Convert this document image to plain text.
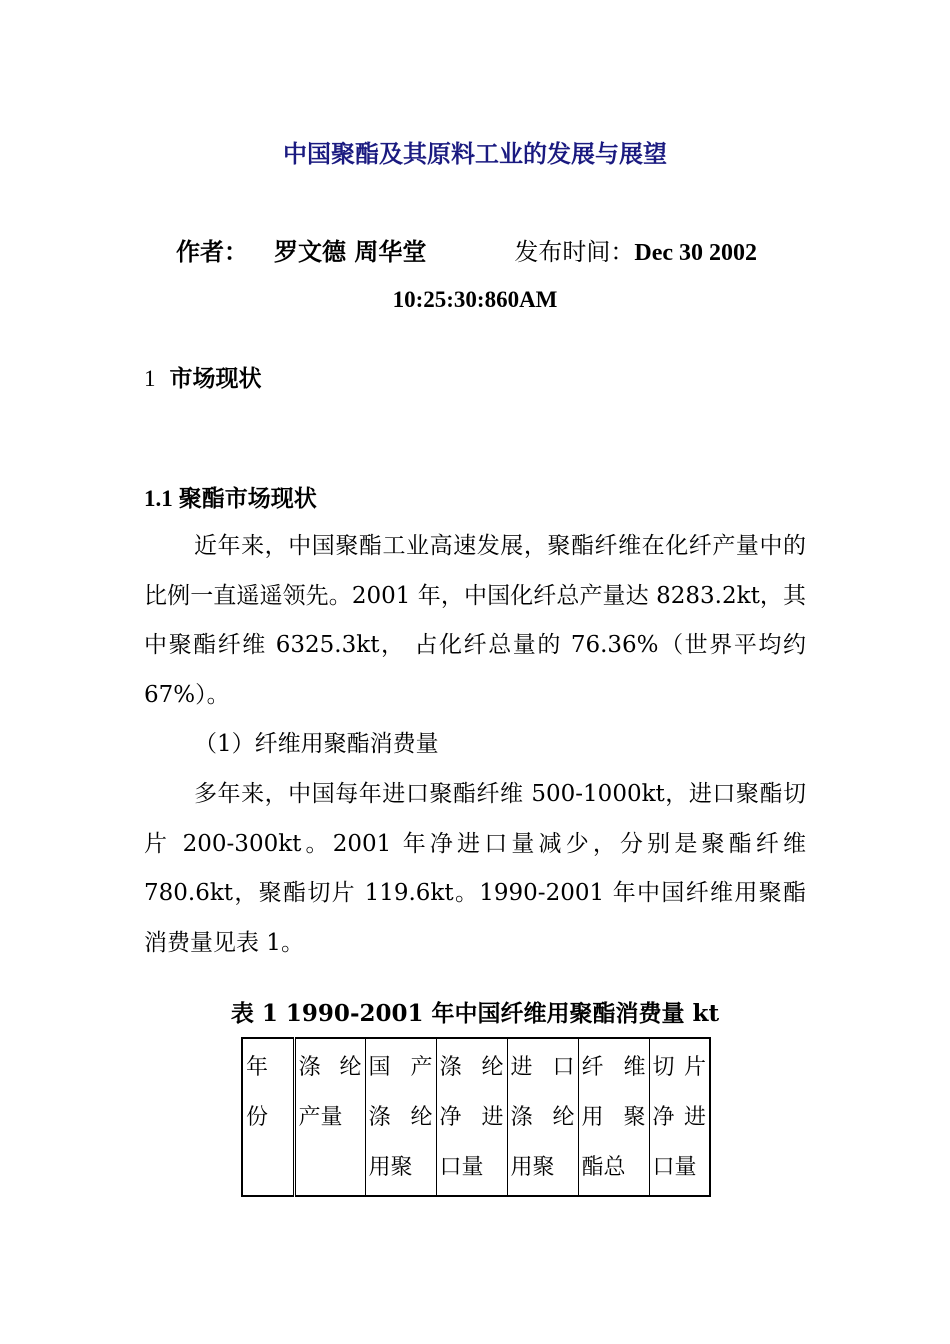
中国聚酯及其原料工业的发展与展望
作者： 罗文德 周华堂	发布时间：Dec 30 2002
10:25:30:860AM
1 市场现状
1.1 聚酯市场现状

近年来，中国聚酯工业高速发展，聚酯纤维在化纤产量中的比例一直遥遥领先。2001 年，中国化纤总产量达 8283.2kt，其中聚酯纤维 6325.3kt， 占化纤总量的 76.36%（世界平均约 67%）。

（1）纤维用聚酯消费量

多年来，中国每年进口聚酯纤维 500-1000kt，进口聚酯切片 200-300kt。2001 年净进口量减少，分别是聚酯纤维 780.6kt，聚酯切片 119.6kt。1990-2001 年中国纤维用聚酯消费量见表 1。

表 1 1990-2001 年中国纤维用聚酯消费量 kt
年份	涤纶产量	国产涤纶用聚	涤纶净进口量	进口涤纶用聚	纤维用聚酯总	切片净进口量
